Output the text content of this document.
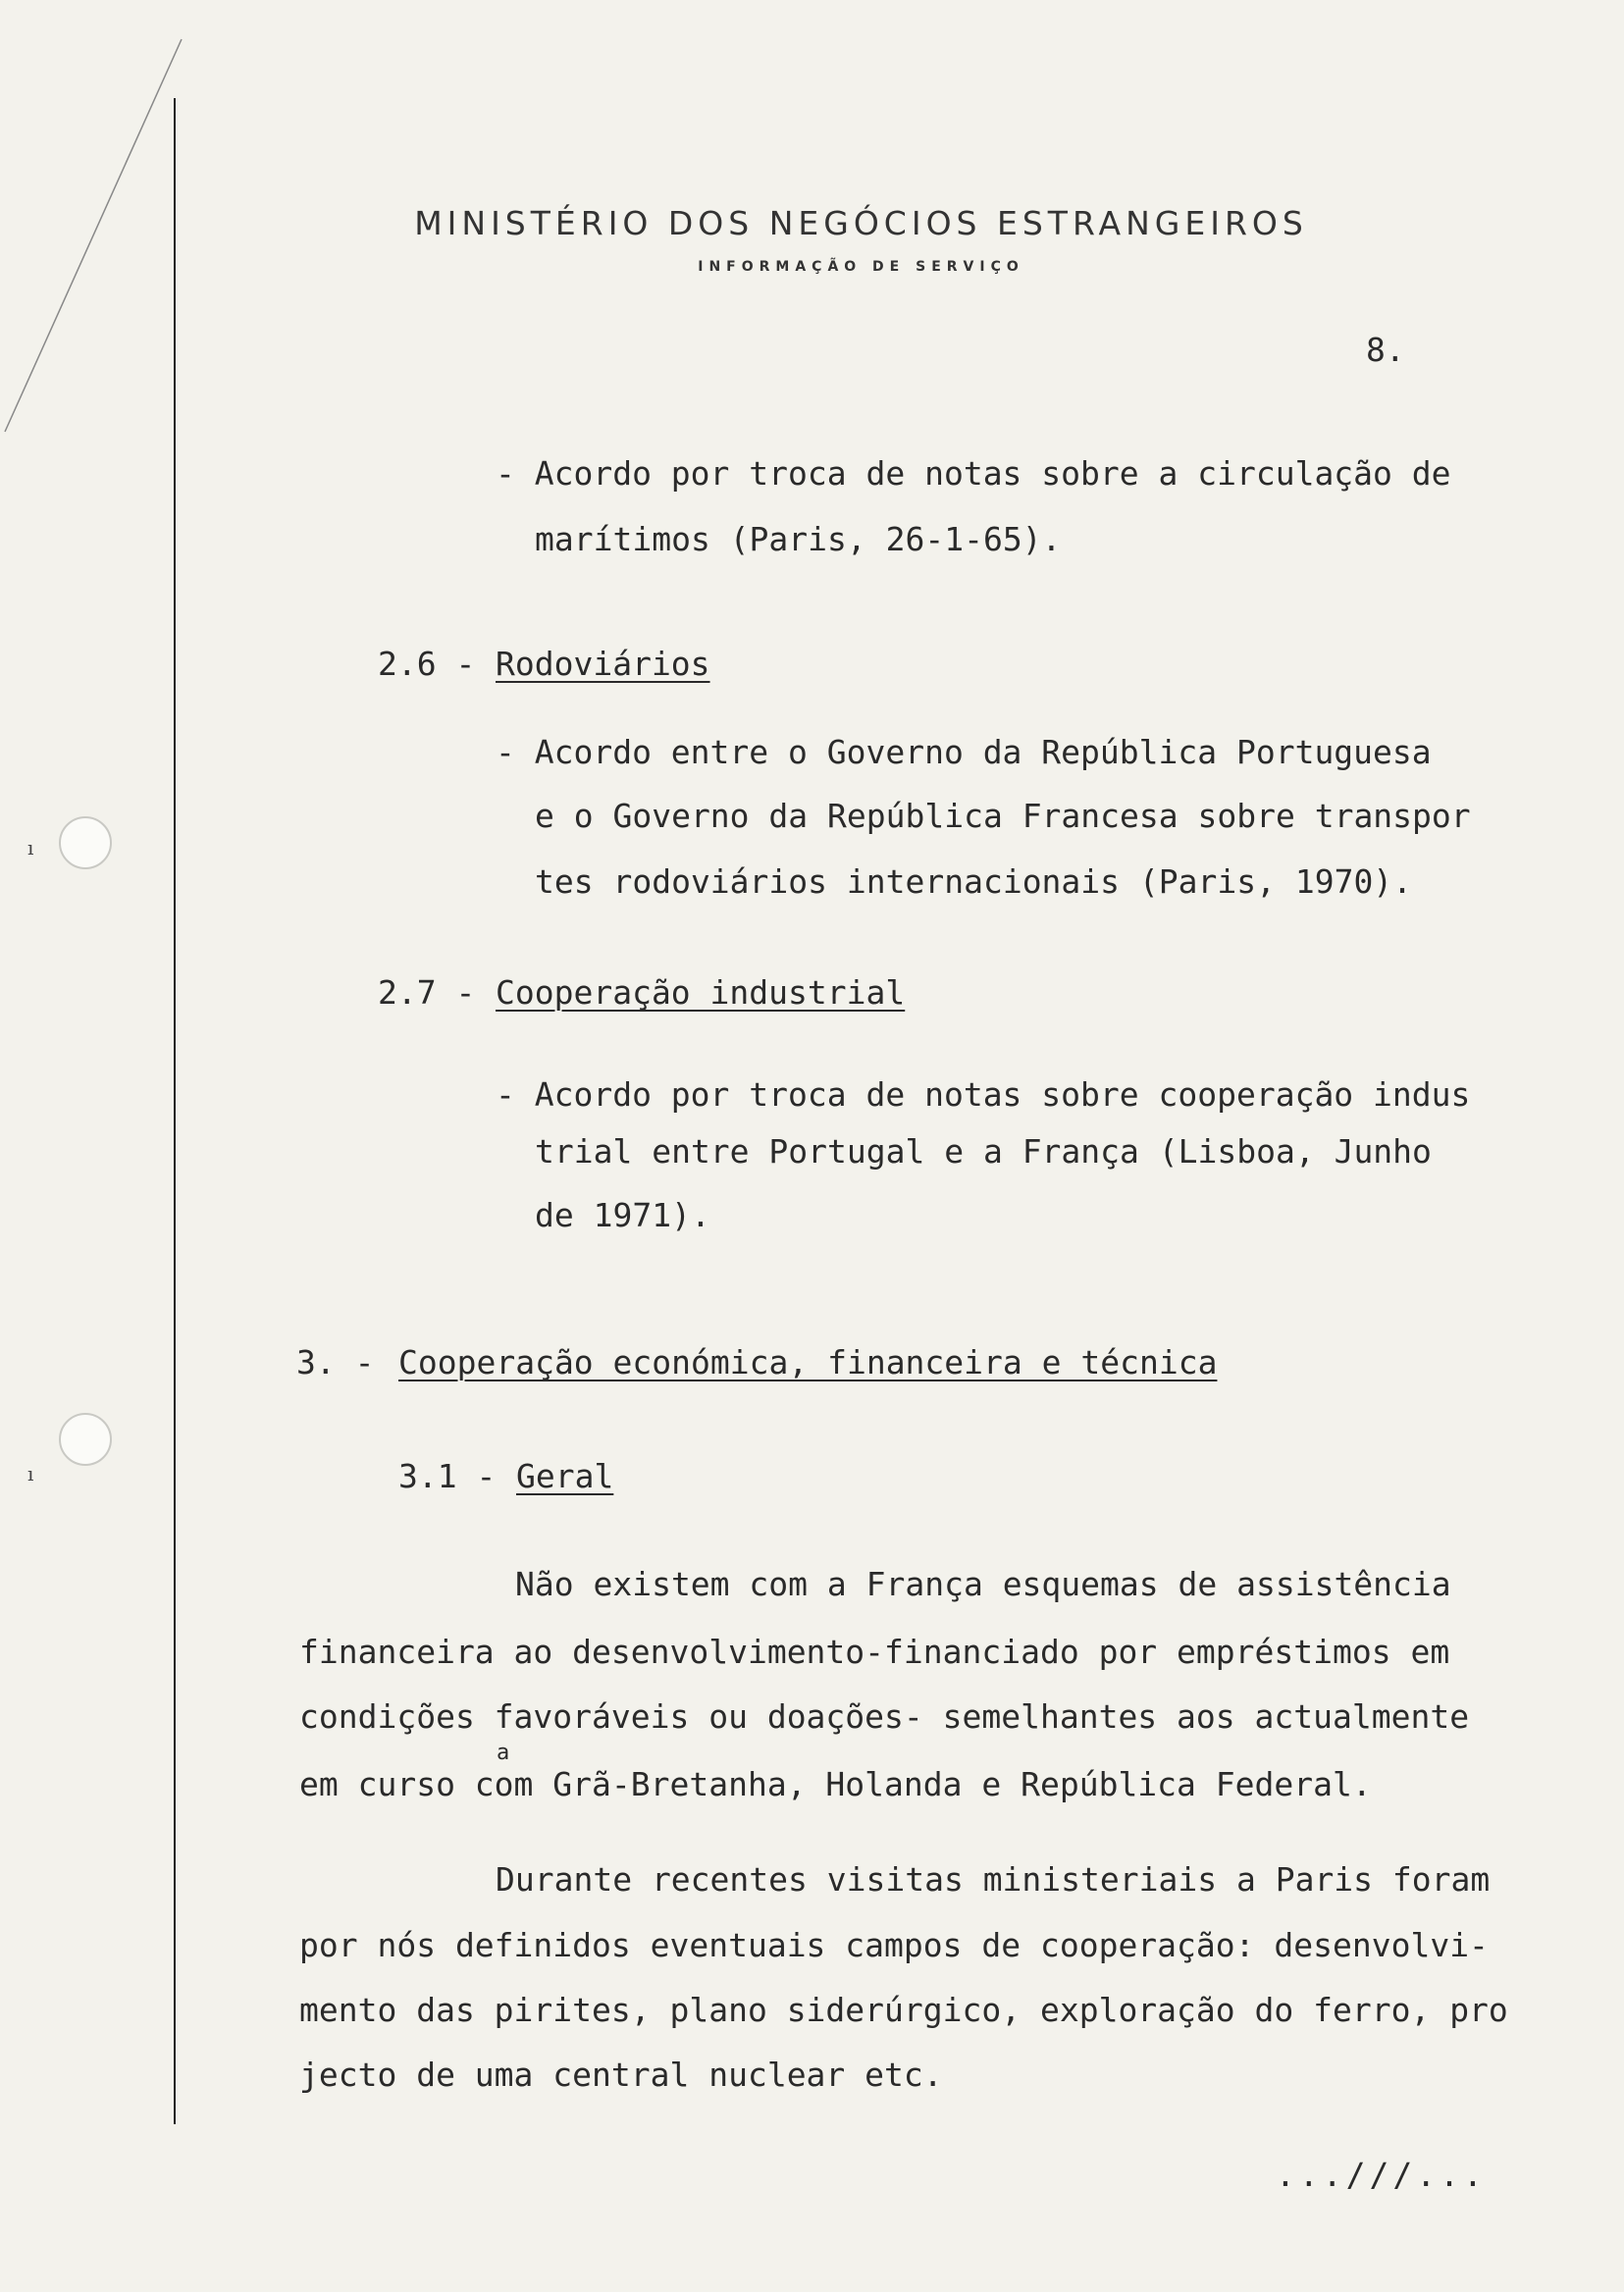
ı
ı
MINISTÉRIO DOS NEGÓCIOS ESTRANGEIROS
INFORMAÇÃO DE SERVIÇO
8.
- Acordo por troca de notas sobre a circulação de
marítimos (Paris, 26-1-65).
2.6 - Rodoviários
- Acordo entre o Governo da República Portuguesa
e o Governo da República Francesa sobre transpor
tes rodoviários internacionais (Paris, 1970).
2.7 - Cooperação industrial
- Acordo por troca de notas sobre cooperação indus
trial entre Portugal e a França (Lisboa, Junho
de 1971).
3. - Cooperação económica, financeira e técnica
3.1 - Geral
Não existem com a França esquemas de assistência
financeira ao desenvolvimento-financiado por empréstimos em
condições favoráveis ou doações- semelhantes aos actualmente
em curso com Grã-Bretanha, Holanda e República Federal.
a
Durante recentes visitas ministeriais a Paris foram
por nós definidos eventuais campos de cooperação: desenvolvi-
mento das pirites, plano siderúrgico, exploração do ferro, pro
jecto de uma central nuclear etc.
...///...
